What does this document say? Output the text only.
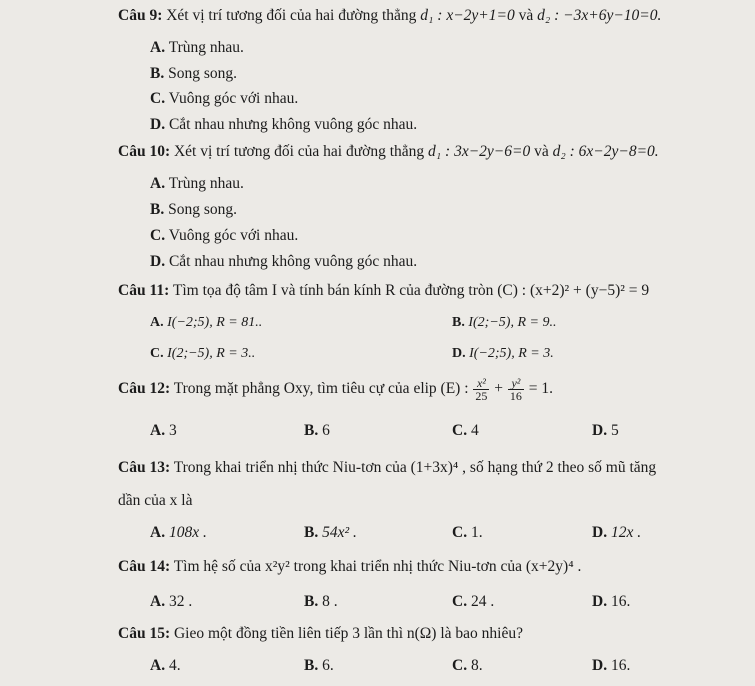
Câu 9: Xét vị trí tương đối của hai đường thẳng d₁ : x−2y+1=0 và d₂ : −3x+6y−10=0.
A. Trùng nhau.
B. Song song.
C. Vuông góc với nhau.
D. Cắt nhau nhưng không vuông góc nhau.
Câu 10: Xét vị trí tương đối của hai đường thẳng d₁ : 3x−2y−6=0 và d₂ : 6x−2y−8=0.
A. Trùng nhau.
B. Song song.
C. Vuông góc với nhau.
D. Cắt nhau nhưng không vuông góc nhau.
Câu 11: Tìm tọa độ tâm I và tính bán kính R của đường tròn (C) : (x+2)² + (y−5)² = 9
A. I(−2;5), R = 81..	B. I(2;−5), R = 9..
C. I(2;−5), R = 3..	D. I(−2;5), R = 3.
Câu 12: Trong mặt phẳng Oxy, tìm tiêu cự của elip (E) : $\frac{\text{x²}}{25} + \frac{\text{y²}}{16} = 1$.
A. 3	B. 6	C. 4	D. 5
Câu 13: Trong khai triển nhị thức Niu-tơn của (1+3x)⁴ , số hạng thứ 2 theo số mũ tăng
dần của x là
A. 108x .	B. 54x² .	C. 1.	D. 12x .
Câu 14: Tìm hệ số của x²y² trong khai triển nhị thức Niu-tơn của (x+2y)⁴ .
A. 32 .	B. 8 .	C. 24 .	D. 16.
Câu 15: Gieo một đồng tiền liên tiếp 3 lần thì n(Ω) là bao nhiêu?
A. 4.	B. 6.	C. 8.	D. 16.
